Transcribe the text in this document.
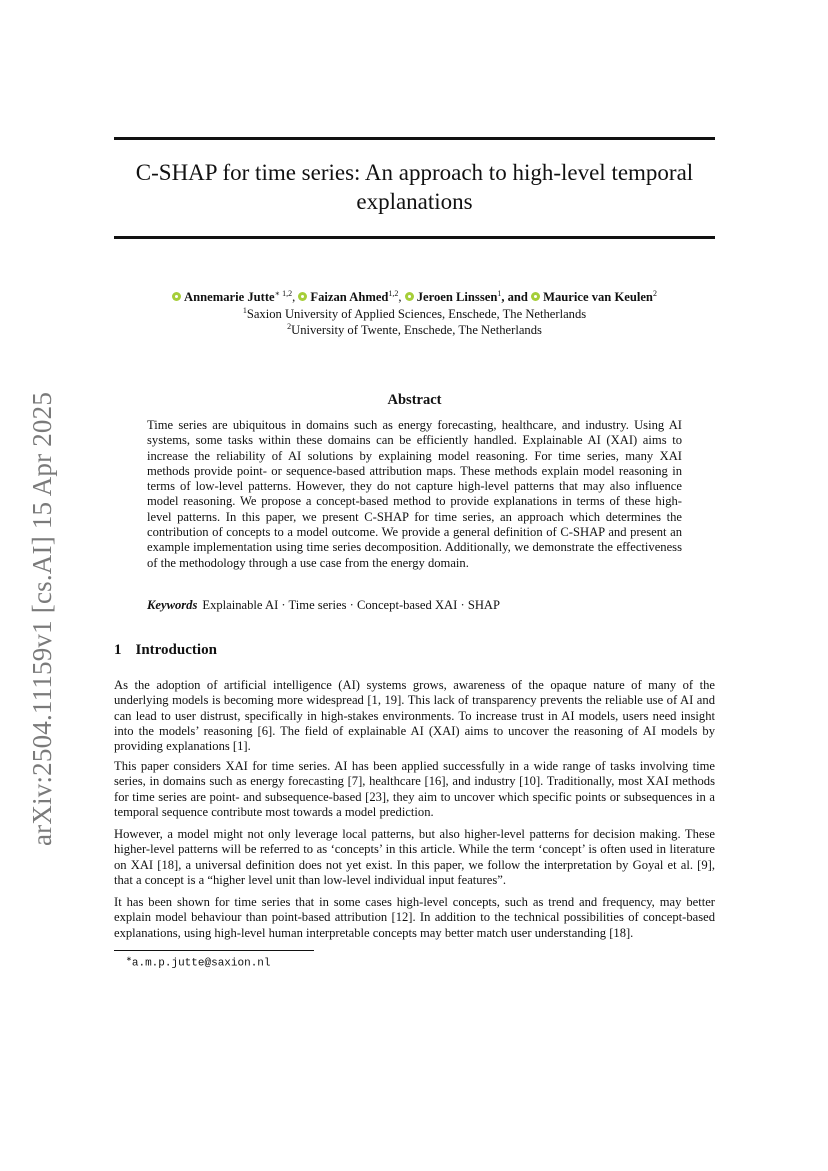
arXiv:2504.11159v1 [cs.AI] 15 Apr 2025
C-SHAP for time series: An approach to high-level temporal explanations
Annemarie Jutte$^{∗ 1,2}$, Faizan Ahmed$^{1,2}$, Jeroen Linssen$^1$, and Maurice van Keulen$^2$
$^1$Saxion University of Applied Sciences, Enschede, The Netherlands
$^2$University of Twente, Enschede, The Netherlands
Abstract
Time series are ubiquitous in domains such as energy forecasting, healthcare, and industry. Using AI systems, some tasks within these domains can be efficiently handled. Explainable AI (XAI) aims to increase the reliability of AI solutions by explaining model reasoning. For time series, many XAI methods provide point- or sequence-based attribution maps. These methods explain model reasoning in terms of low-level patterns. However, they do not capture high-level patterns that may also influence model reasoning. We propose a concept-based method to provide explanations in terms of these high-level patterns. In this paper, we present C-SHAP for time series, an approach which determines the contribution of concepts to a model outcome. We provide a general definition of C-SHAP and present an example implementation using time series decomposition. Additionally, we demonstrate the effectiveness of the methodology through a use case from the energy domain.
Keywords Explainable AI · Time series · Concept-based XAI · SHAP
1 Introduction

As the adoption of artificial intelligence (AI) systems grows, awareness of the opaque nature of many of the underlying models is becoming more widespread [1, 19]. This lack of transparency prevents the reliable use of AI and can lead to user distrust, specifically in high-stakes environments. To increase trust in AI models, users need insight into the models’ reasoning [6]. The field of explainable AI (XAI) aims to uncover the reasoning of AI models by providing explanations [1].

This paper considers XAI for time series. AI has been applied successfully in a wide range of tasks involving time series, in domains such as energy forecasting [7], healthcare [16], and industry [10]. Traditionally, most XAI methods for time series are point- and subsequence-based [23], they aim to uncover which specific points or subsequences in a temporal sequence contribute most towards a model prediction.

However, a model might not only leverage local patterns, but also higher-level patterns for decision making. These higher-level patterns will be referred to as ‘concepts’ in this article. While the term ‘concept’ is often used in literature on XAI [18], a universal definition does not yet exist. In this paper, we follow the interpretation by Goyal et al. [9], that a concept is a “higher level unit than low-level individual input features”.

It has been shown for time series that in some cases high-level concepts, such as trend and frequency, may better explain model behaviour than point-based attribution [12]. In addition to the technical possibilities of concept-based explanations, using high-level human interpretable concepts may better match user understanding [18].

∗a.m.p.jutte@saxion.nl
